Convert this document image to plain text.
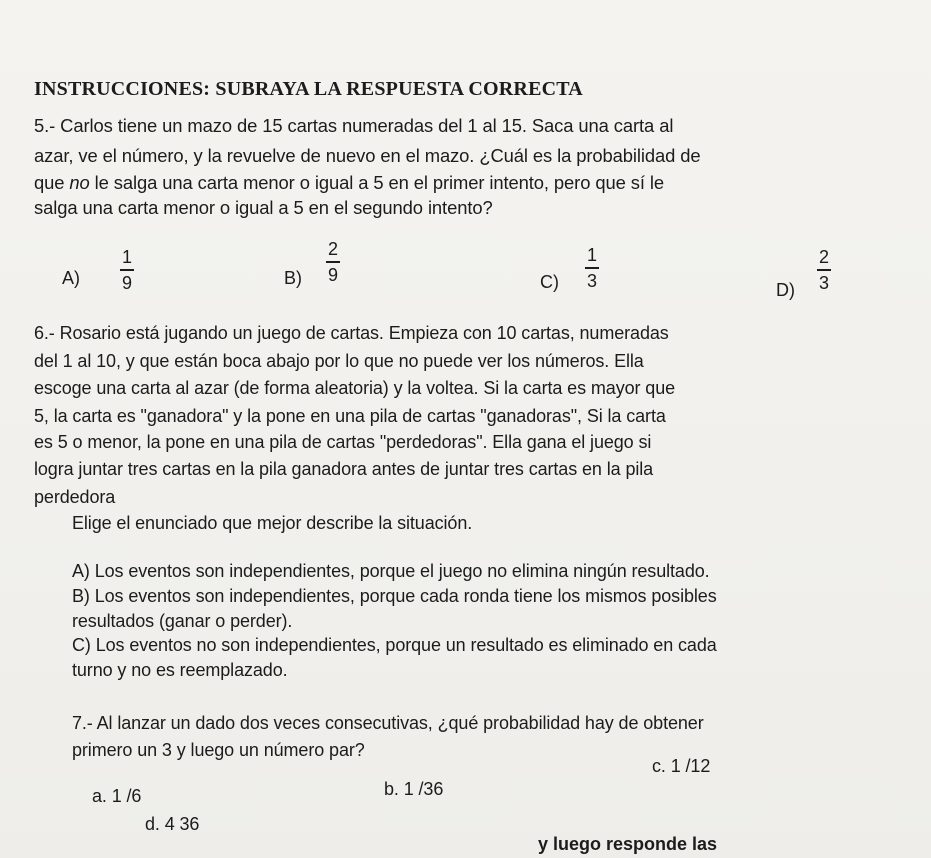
INSTRUCCIONES: SUBRAYA LA RESPUESTA CORRECTA
5.- Carlos tiene un mazo de 15 cartas numeradas del 1 al 15. Saca una carta al
azar, ve el número, y la revuelve de nuevo en el mazo. ¿Cuál es la probabilidad de
que no le salga una carta menor o igual a 5 en el primer intento, pero que sí le
salga una carta menor o igual a 5 en el segundo intento?
A)
1
9	B)
2
9	C)
1
3	D)
2
3
6.- Rosario está jugando un juego de cartas. Empieza con 10 cartas, numeradas
del 1 al 10, y que están boca abajo por lo que no puede ver los números. Ella
escoge una carta al azar (de forma aleatoria) y la voltea. Si la carta es mayor que
5, la carta es "ganadora" y la pone en una pila de cartas "ganadoras", Si la carta
es 5 o menor, la pone en una pila de cartas "perdedoras". Ella gana el juego si
logra juntar tres cartas en la pila ganadora antes de juntar tres cartas en la pila
perdedora
Elige el enunciado que mejor describe la situación.
A) Los eventos son independientes, porque el juego no elimina ningún resultado.
B) Los eventos son independientes, porque cada ronda tiene los mismos posibles
resultados (ganar o perder).
C) Los eventos no son independientes, porque un resultado es eliminado en cada
turno y no es reemplazado.
7.- Al lanzar un dado dos veces consecutivas, ¿qué probabilidad hay de obtener
primero un 3 y luego un número par?
c. 1 /12
b. 1 /36
a. 1 /6
d. 4 36
y luego responde las
